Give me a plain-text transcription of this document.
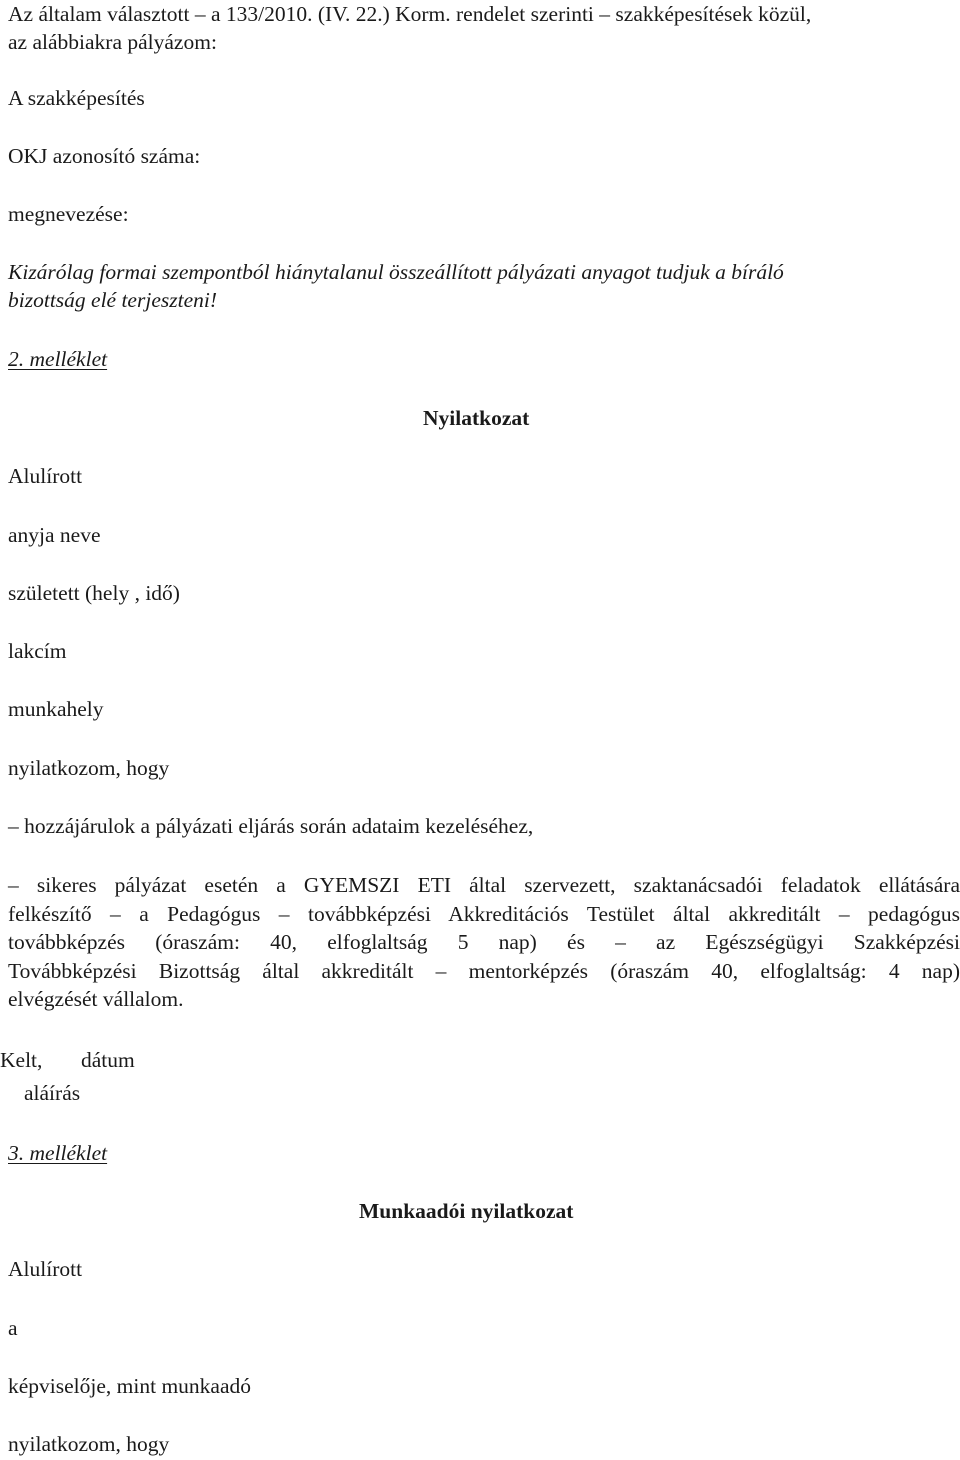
Az általam választott – a 133/2010. (IV. 22.) Korm. rendelet szerinti – szakképesítések közül,
az alábbiakra pályázom:
A szakképesítés
OKJ azonosító száma:
megnevezése:
Kizárólag formai szempontból hiánytalanul összeállított pályázati anyagot tudjuk a bíráló
bizottság elé terjeszteni!
2. melléklet
Nyilatkozat
Alulírott
anyja neve
született (hely , idő)
lakcím
munkahely
nyilatkozom, hogy
– hozzájárulok a pályázati eljárás során adataim kezeléséhez,
– sikeres pályázat esetén a GYEMSZI ETI által szervezett, szaktanácsadói feladatok ellátására
felkészítő – a Pedagógus – továbbképzési Akkreditációs Testület által akkreditált – pedagógus
továbbképzés (óraszám: 40, elfoglaltság 5 nap) és – az Egészségügyi Szakképzési
Továbbképzési Bizottság által akkreditált – mentorképzés (óraszám 40, elfoglaltság: 4 nap)
elvégzését vállalom.
Kelt, dátum
aláírás
3. melléklet
Munkaadói nyilatkozat
Alulírott
a
képviselője, mint munkaadó
nyilatkozom, hogy
